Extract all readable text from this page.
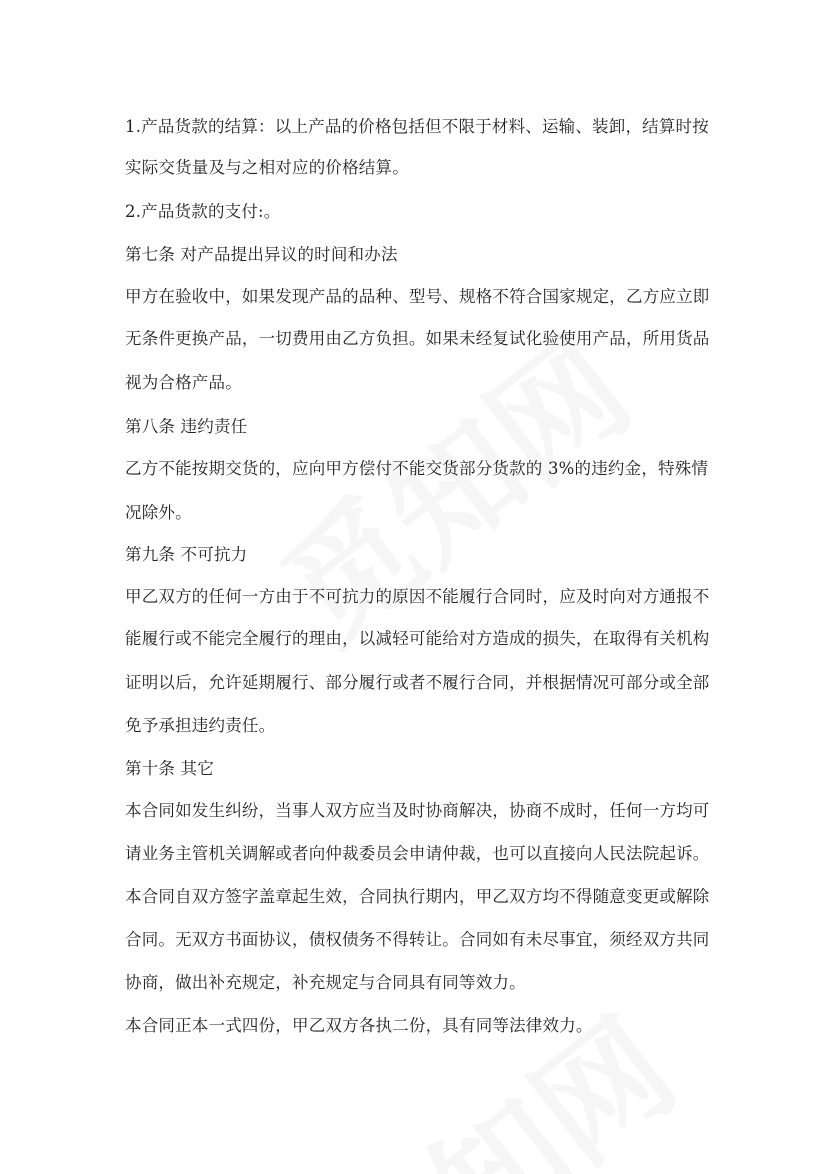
1.产品货款的结算：以上产品的价格包括但不限于材料、运输、装卸，结算时按
实际交货量及与之相对应的价格结算。
2.产品货款的支付:。
第七条 对产品提出异议的时间和办法
甲方在验收中，如果发现产品的品种、型号、规格不符合国家规定，乙方应立即
无条件更换产品，一切费用由乙方负担。如果未经复试化验使用产品，所用货品
视为合格产品。
第八条 违约责任
乙方不能按期交货的，应向甲方偿付不能交货部分货款的 3%的违约金，特殊情
况除外。
第九条 不可抗力
甲乙双方的任何一方由于不可抗力的原因不能履行合同时，应及时向对方通报不
能履行或不能完全履行的理由，以减轻可能给对方造成的损失，在取得有关机构
证明以后，允许延期履行、部分履行或者不履行合同，并根据情况可部分或全部
免予承担违约责任。
第十条 其它
本合同如发生纠纷，当事人双方应当及时协商解决，协商不成时，任何一方均可
请业务主管机关调解或者向仲裁委员会申请仲裁，也可以直接向人民法院起诉。
本合同自双方签字盖章起生效，合同执行期内，甲乙双方均不得随意变更或解除
合同。无双方书面协议，债权债务不得转让。合同如有未尽事宜，须经双方共同
协商，做出补充规定，补充规定与合同具有同等效力。
本合同正本一式四份，甲乙双方各执二份，具有同等法律效力。
